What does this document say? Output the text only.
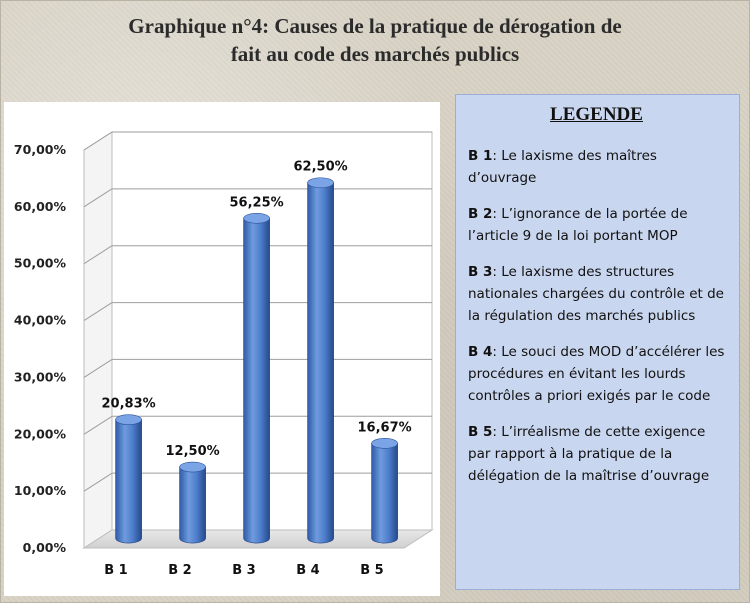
Graphique n°4: Causes de la pratique de dérogation de
fait au code des marchés publics
0,00%
10,00%
20,00%
30,00%
40,00%
50,00%
60,00%
70,00%
20,83%
B 1
12,50%
B 2
56,25%
B 3
62,50%
B 4
16,67%
B 5
LEGENDE
B 1: Le laxisme des maîtres d’ouvrage
B 2: L’ignorance de la portée de l’article 9 de la loi portant MOP
B 3: Le laxisme des structures nationales chargées du contrôle et de la régulation des marchés publics
B 4: Le souci des MOD d’accélérer les procédures en évitant les lourds contrôles a priori exigés par le code
B 5: L’irréalisme de cette exigence par rapport à la pratique de la délégation de la maîtrise d’ouvrage
